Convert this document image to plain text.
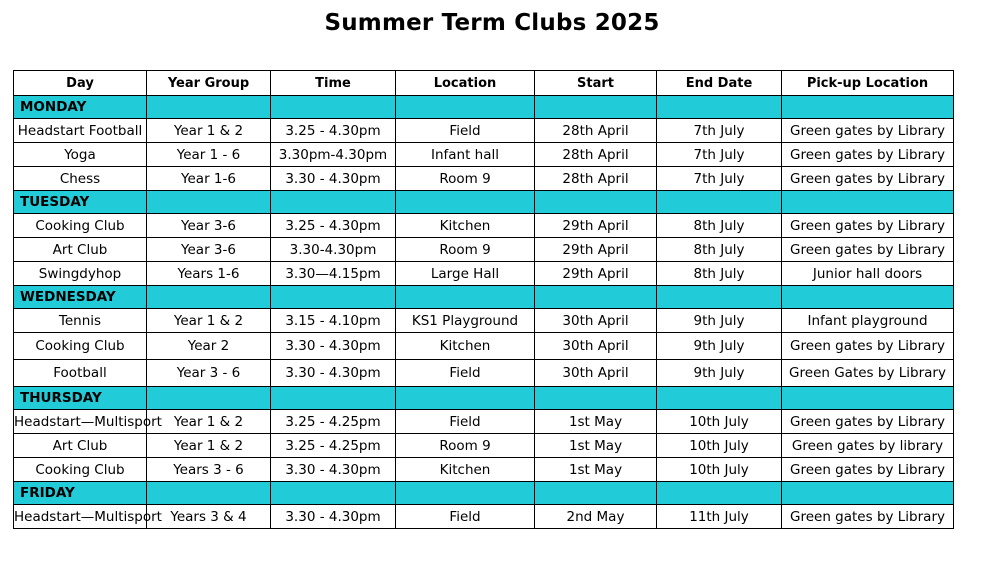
Summer Term Clubs 2025
Day	Year Group	Time	Location	Start	End Date	Pick-up Location
MONDAY						
Headstart Football	Year 1 & 2	3.25 - 4.30pm	Field	28th April	7th July	Green gates by Library
Yoga	Year 1 - 6	3.30pm-4.30pm	Infant hall	28th April	7th July	Green gates by Library
Chess	Year 1-6	3.30 - 4.30pm	Room 9	28th April	7th July	Green gates by Library
TUESDAY						
Cooking Club	Year 3-6	3.25 - 4.30pm	Kitchen	29th April	8th July	Green gates by Library
Art Club	Year 3-6	3.30-4.30pm	Room 9	29th April	8th July	Green gates by Library
Swingdyhop	Years 1-6	3.30—4.15pm	Large Hall	29th April	8th July	Junior hall doors
WEDNESDAY						
Tennis	Year 1 & 2	3.15 - 4.10pm	KS1 Playground	30th April	9th July	Infant playground
Cooking Club	Year 2	3.30 - 4.30pm	Kitchen	30th April	9th July	Green gates by Library
Football	Year 3 - 6	3.30 - 4.30pm	Field	30th April	9th July	Green Gates by Library
THURSDAY						
Headstart—Multisport	Year 1 & 2	3.25 - 4.25pm	Field	1st May	10th July	Green gates by Library
Art Club	Year 1 & 2	3.25 - 4.25pm	Room 9	1st May	10th July	Green gates by library
Cooking Club	Years 3 - 6	3.30 - 4.30pm	Kitchen	1st May	10th July	Green gates by Library
FRIDAY						
Headstart—Multisport	Years 3 & 4	3.30 - 4.30pm	Field	2nd May	11th July	Green gates by Library
